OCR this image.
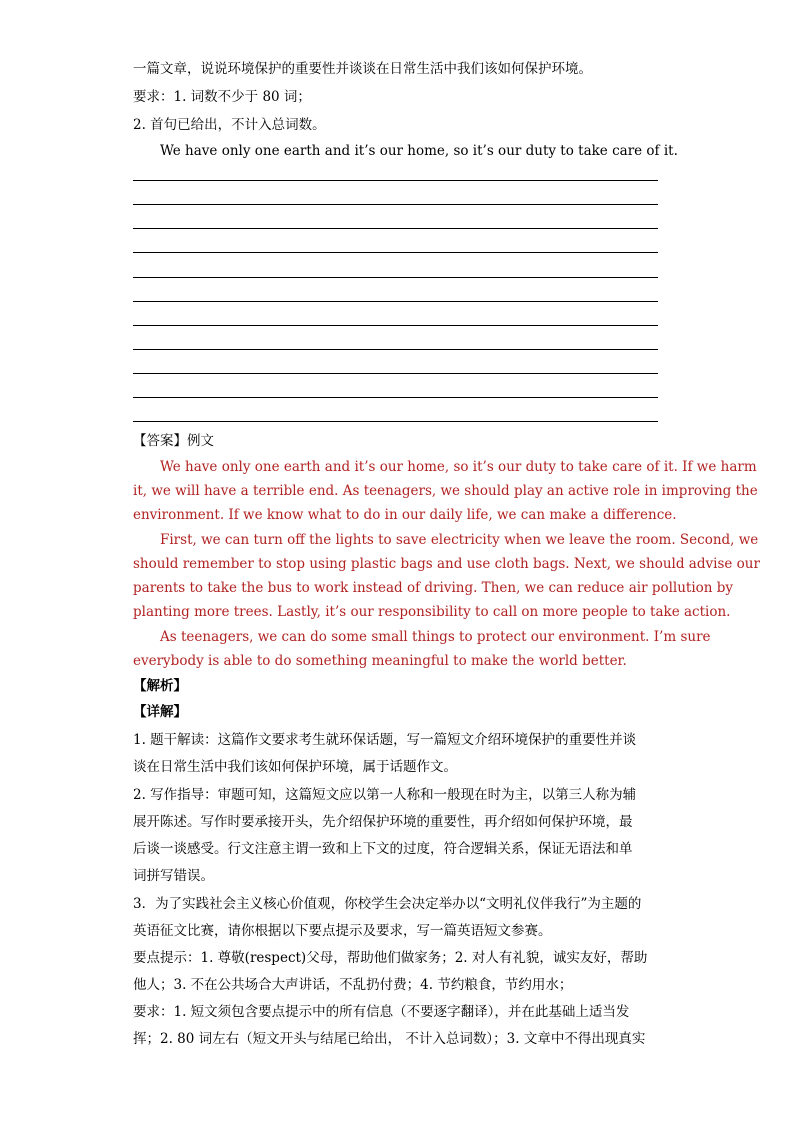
一篇文章，说说环境保护的重要性并谈谈在日常生活中我们该如何保护环境。
要求：1. 词数不少于 80 词；
2. 首句已给出，不计入总词数。
We have only one earth and it’s our home, so it’s our duty to take care of it.
【答案】例文
We have only one earth and it’s our home, so it’s our duty to take care of it. If we harm
it, we will have a terrible end. As teenagers, we should play an active role in improving the
environment. If we know what to do in our daily life, we can make a difference.
First, we can turn off the lights to save electricity when we leave the room. Second, we
should remember to stop using plastic bags and use cloth bags. Next, we should advise our
parents to take the bus to work instead of driving. Then, we can reduce air pollution by
planting more trees. Lastly, it’s our responsibility to call on more people to take action.
As teenagers, we can do some small things to protect our environment. I’m sure
everybody is able to do something meaningful to make the world better.
【解析】
【详解】
1. 题干解读：这篇作文要求考生就环保话题，写一篇短文介绍环境保护的重要性并谈
谈在日常生活中我们该如何保护环境，属于话题作文。
2. 写作指导：审题可知，这篇短文应以第一人称和一般现在时为主，以第三人称为辅
展开陈述。写作时要承接开头，先介绍保护环境的重要性，再介绍如何保护环境，最
后谈一谈感受。行文注意主谓一致和上下文的过度，符合逻辑关系，保证无语法和单
词拼写错误。
3．为了实践社会主义核心价值观，你校学生会决定举办以“文明礼仪伴我行”为主题的
英语征文比赛，请你根据以下要点提示及要求，写一篇英语短文参赛。
要点提示：1. 尊敬(respect)父母，帮助他们做家务；2. 对人有礼貌，诚实友好，帮助
他人；3. 不在公共场合大声讲话，不乱扔付费；4. 节约粮食，节约用水；
要求：1. 短文须包含要点提示中的所有信息（不要逐字翻译），并在此基础上适当发
挥；2. 80 词左右（短文开头与结尾已给出， 不计入总词数）；3. 文章中不得出现真实
